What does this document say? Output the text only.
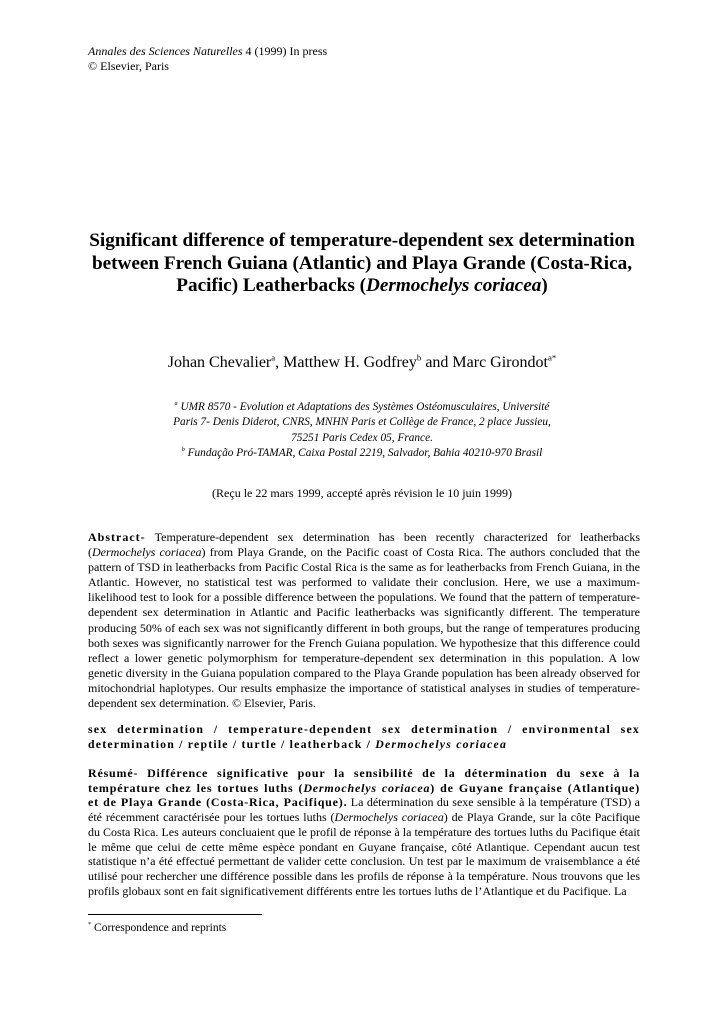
Annales des Sciences Naturelles 4 (1999) In press
© Elsevier, Paris
Significant difference of temperature-dependent sex determination
between French Guiana (Atlantic) and Playa Grande (Costa-Rica,
Pacific) Leatherbacks (Dermochelys coriacea)
Johan Chevalier$^a$, Matthew H. Godfrey$^b$ and Marc Girondot$^{a*}$
$^a$ UMR 8570 - Evolution et Adaptations des Systèmes Ostéomusculaires, Université
Paris 7- Denis Diderot, CNRS, MNHN Paris et Collège de France, 2 place Jussieu,
75251 Paris Cedex 05, France.
$^b$ Fundação Pró-TAMAR, Caixa Postal 2219, Salvador, Bahia 40210-970 Brasil
(Reçu le 22 mars 1999, accepté après révision le 10 juin 1999)
Abstract- Temperature-dependent sex determination has been recently characterized for leatherbacks (Dermochelys coriacea) from Playa Grande, on the Pacific coast of Costa Rica. The authors concluded that the pattern of TSD in leatherbacks from Pacific Costal Rica is the same as for leatherbacks from French Guiana, in the Atlantic. However, no statistical test was performed to validate their conclusion. Here, we use a maximum-likelihood test to look for a possible difference between the populations. We found that the pattern of temperature-dependent sex determination in Atlantic and Pacific leatherbacks was significantly different. The temperature producing 50% of each sex was not significantly different in both groups, but the range of temperatures producing both sexes was significantly narrower for the French Guiana population. We hypothesize that this difference could reflect a lower genetic polymorphism for temperature-dependent sex determination in this population. A low genetic diversity in the Guiana population compared to the Playa Grande population has been already observed for mitochondrial haplotypes. Our results emphasize the importance of statistical analyses in studies of temperature-dependent sex determination. © Elsevier, Paris.
sex determination / temperature-dependent sex determination / environmental sex determination / reptile / turtle / leatherback / Dermochelys coriacea
Résumé- Différence significative pour la sensibilité de la détermination du sexe à la température chez les tortues luths (Dermochelys coriacea) de Guyane française (Atlantique) et de Playa Grande (Costa-Rica, Pacifique). La détermination du sexe sensible à la température (TSD) a été récemment caractérisée pour les tortues luths (Dermochelys coriacea) de Playa Grande, sur la côte Pacifique du Costa Rica. Les auteurs concluaient que le profil de réponse à la température des tortues luths du Pacifique était le même que celui de cette même espèce pondant en Guyane française, côté Atlantique. Cependant aucun test statistique n’a été effectué permettant de valider cette conclusion. Un test par le maximum de vraisemblance a été utilisé pour rechercher une différence possible dans les profils de réponse à la température. Nous trouvons que les profils globaux sont en fait significativement différents entre les tortues luths de l’Atlantique et du Pacifique. La
* Correspondence and reprints
